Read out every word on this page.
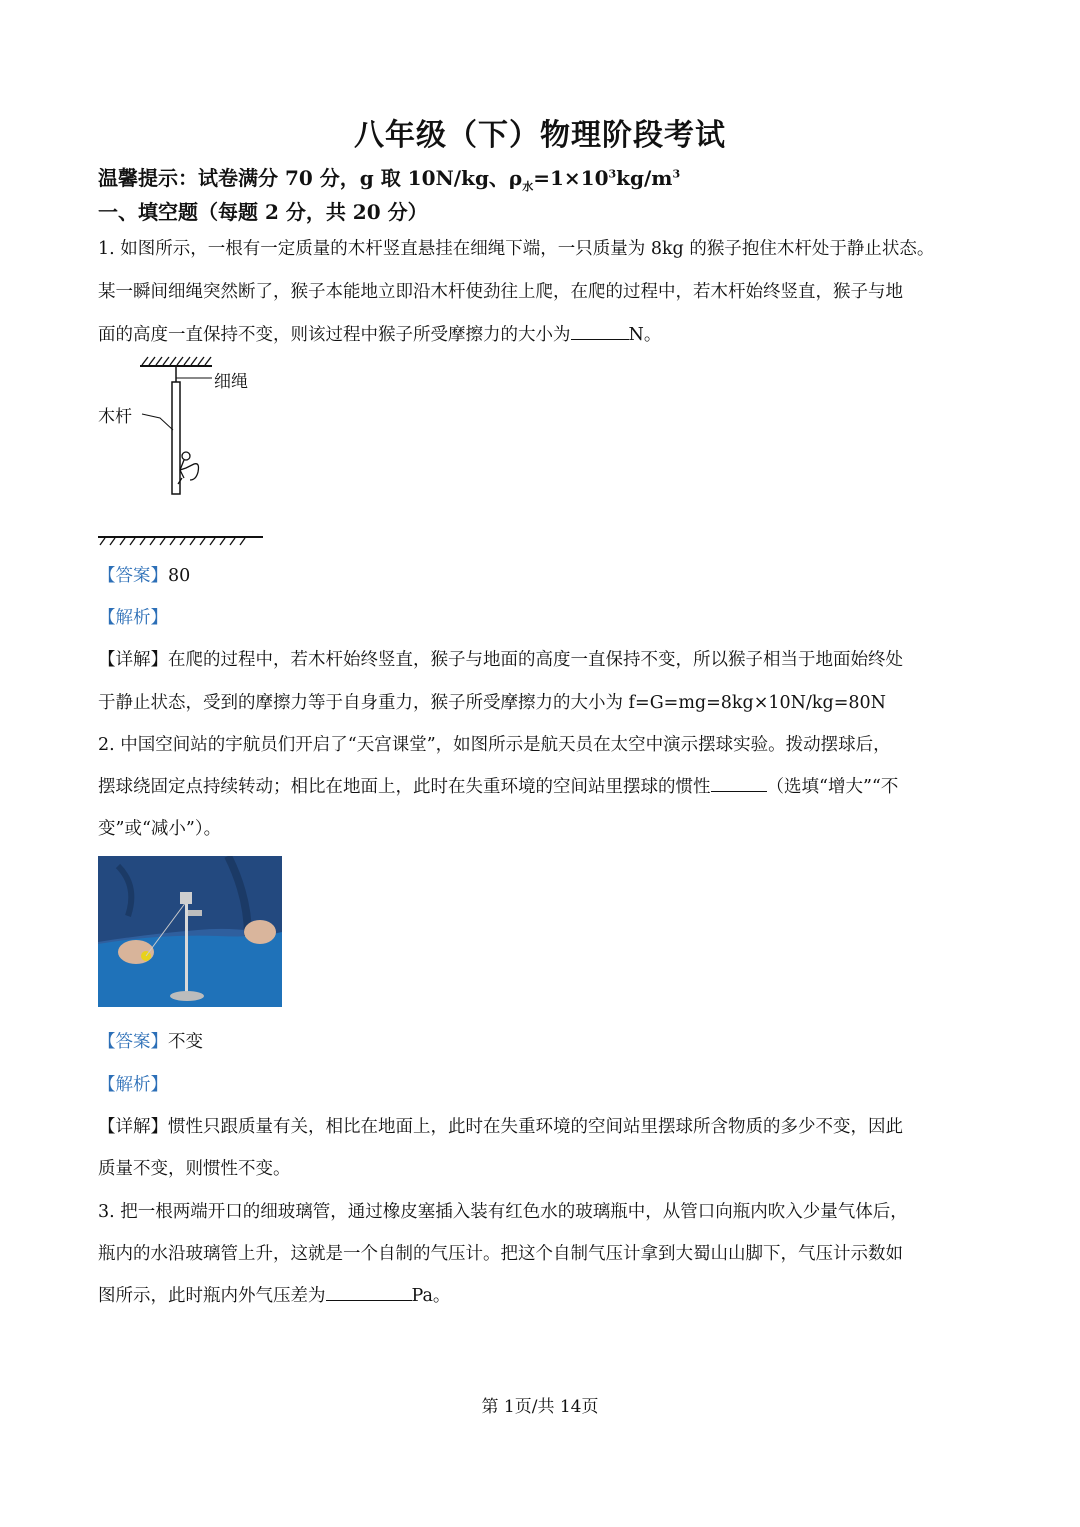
八年级（下）物理阶段考试
温馨提示：试卷满分 70 分，g 取 10N/kg、$\rho_水=1\times 10^3kg/m^3$
一、填空题（每题 2 分，共 20 分）
1. 如图所示，一根有一定质量的木杆竖直悬挂在细绳下端，一只质量为 8kg 的猴子抱住木杆处于静止状态。
某一瞬间细绳突然断了，猴子本能地立即沿木杆使劲往上爬，在爬的过程中，若木杆始终竖直，猴子与地
面的高度一直保持不变，则该过程中猴子所受摩擦力的大小为	N。
细绳
木杆
【答案】80
【解析】
【详解】在爬的过程中，若木杆始终竖直，猴子与地面的高度一直保持不变，所以猴子相当于地面始终处
于静止状态，受到的摩擦力等于自身重力，猴子所受摩擦力的大小为 f=G=mg=8kg×10N/kg=80N
2. 中国空间站的宇航员们开启了“天宫课堂”，如图所示是航天员在太空中演示摆球实验。拨动摆球后，
摆球绕固定点持续转动；相比在地面上，此时在失重环境的空间站里摆球的惯性	（选填“增大”“不
变”或“减小”）。
【答案】不变
【解析】
【详解】惯性只跟质量有关，相比在地面上，此时在失重环境的空间站里摆球所含物质的多少不变，因此
质量不变，则惯性不变。
3. 把一根两端开口的细玻璃管，通过橡皮塞插入装有红色水的玻璃瓶中，从管口向瓶内吹入少量气体后，
瓶内的水沿玻璃管上升，这就是一个自制的气压计。把这个自制气压计拿到大蜀山山脚下，气压计示数如
图所示，此时瓶内外气压差为	Pa。
第 1页/共 14页
